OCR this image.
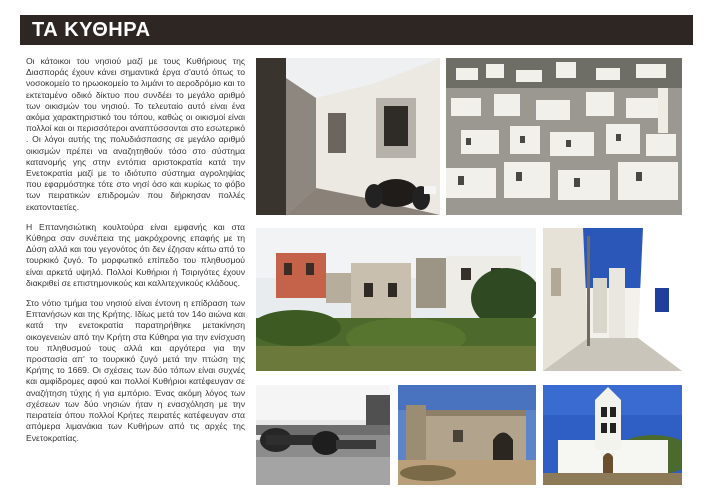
ΤΑ ΚΥΘΗΡΑ

Οι κάτοικοι του νησιού μαζί με τους Κυθήριους της Διασποράς έχουν κάνει σημαντικά έργα σ'αυτό όπως το νοσοκομείο το ηρωοκομείο το λιμάνι το αεροδρόμιο και το εκτεταμένο οδικό δίκτυο που συνδέει το μεγάλο αριθμό των οικισμών του νησιού. Το τελευταίο αυτό είναι ένα ακόμα χαρακτηριστικό του τόπου, καθώς οι οικισμοί είναι πολλοί και οι περισσότεροι αναπτύσσονται στο εσωτερικό . Οι λόγοι αυτής της πολυδιάσπασης σε μεγάλο αριθμό οικισμών πρέπει να αναζητηθούν τόσο στο σύστημα κατανομής γης στην εντόπια αριστοκρατία κατά την Ενετοκρατία μαζί με το ιδιότυπο σύστημα αγροληψίας που εφαρμόστηκε τότε στο νησί όσο και κυρίως το φόβο των πειρατικών επιδρομών που διήρκησαν πολλές εκατονταετίες.

Η Επτανησιώτικη κουλτούρα είναι εμφανής και στα Κύθηρα σαν συνέπεια της μακρόχρονης επαφής με τη Δύση αλλά και του γεγονότος ότι δεν έζησαν κάτω από το τουρκικό ζυγό. Το μορφωτικό επίπεδο του πληθυσμού είναι αρκετά υψηλό. Πολλοί Κυθήριοι ή Τσιριγότες έχουν διακριθεί σε επιστημονικούς και καλλιτεχνικούς κλάδους.

Στο νότιο τμήμα του νησιού είναι έντονη η επίδραση των Επτανήσων και της Κρήτης. Ιδίως μετά τον 14ο αιώνα και κατά την ενετοκρατία παρατηρήθηκε μετακίνηση οικογενειών από την Κρήτη στα Κύθηρα για την ενίσχυση του πληθυσμού τους αλλά και αργότερα για την προστασία απ' το τουρκικό ζυγό μετά την πτώση της Κρήτης το 1669. Οι σχέσεις των δύο τόπων είναι συχνές και αμφίδρομες αφού και πολλοί Κυθήριοι κατέφευγαν σε αναζήτηση τύχης ή για εμπόριο. Ένας ακόμη λόγος των σχέσεων των δύο νησιών ήταν η ενασχόληση με την πειρατεία όπου πολλοί Κρήτες πειρατές κατέφευγαν στα απόμερα λιμανάκια των Κυθήρων από τις αρχές της Ενετοκρατίας.
